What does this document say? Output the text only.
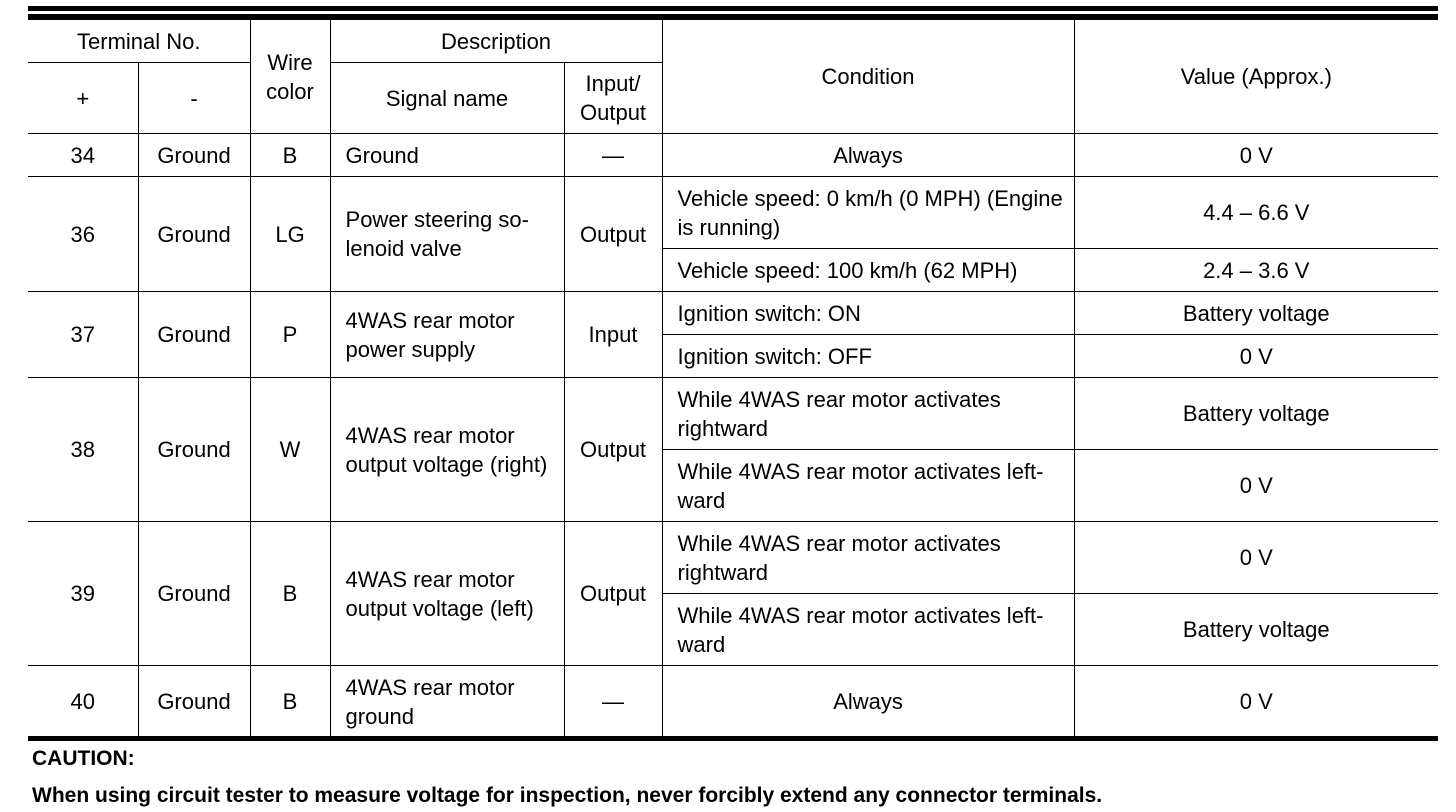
Terminal No.		Wire color	Description		Condition	Value (Approx.)
+	-		Signal name	Input/ Output		
34	Ground	B	Ground	—	Always	0 V
36	Ground	LG	Power steering so-lenoid valve	Output	Vehicle speed: 0 km/h (0 MPH) (Engine is running)	4.4 – 6.6 V
					Vehicle speed: 100 km/h (62 MPH)	2.4 – 3.6 V
37	Ground	P	4WAS rear motor power supply	Input	Ignition switch: ON	Battery voltage
					Ignition switch: OFF	0 V
38	Ground	W	4WAS rear motor output voltage (right)	Output	While 4WAS rear motor activates rightward	Battery voltage
					While 4WAS rear motor activates left-ward	0 V
39	Ground	B	4WAS rear motor output voltage (left)	Output	While 4WAS rear motor activates rightward	0 V
					While 4WAS rear motor activates left-ward	Battery voltage
40	Ground	B	4WAS rear motor ground	—	Always	0 V
CAUTION:
When using circuit tester to measure voltage for inspection, never forcibly extend any connector terminals.
